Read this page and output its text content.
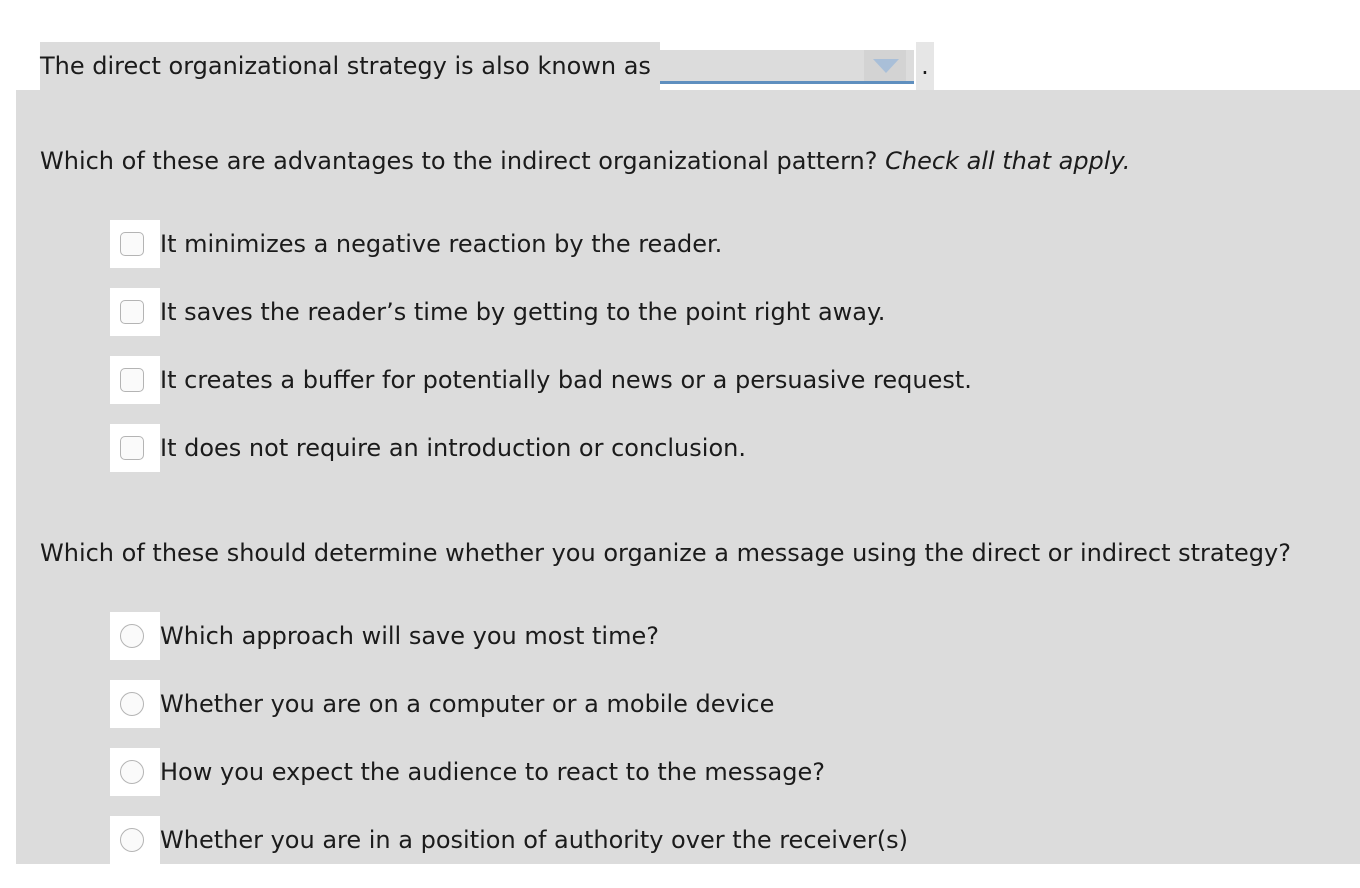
The direct organizational strategy is also known as	.
Which of these are advantages to the indirect organizational pattern? Check all that apply.
It minimizes a negative reaction by the reader.
It saves the reader’s time by getting to the point right away.
It creates a buffer for potentially bad news or a persuasive request.
It does not require an introduction or conclusion.
Which of these should determine whether you organize a message using the direct or indirect strategy?
Which approach will save you most time?
Whether you are on a computer or a mobile device
How you expect the audience to react to the message?
Whether you are in a position of authority over the receiver(s)
